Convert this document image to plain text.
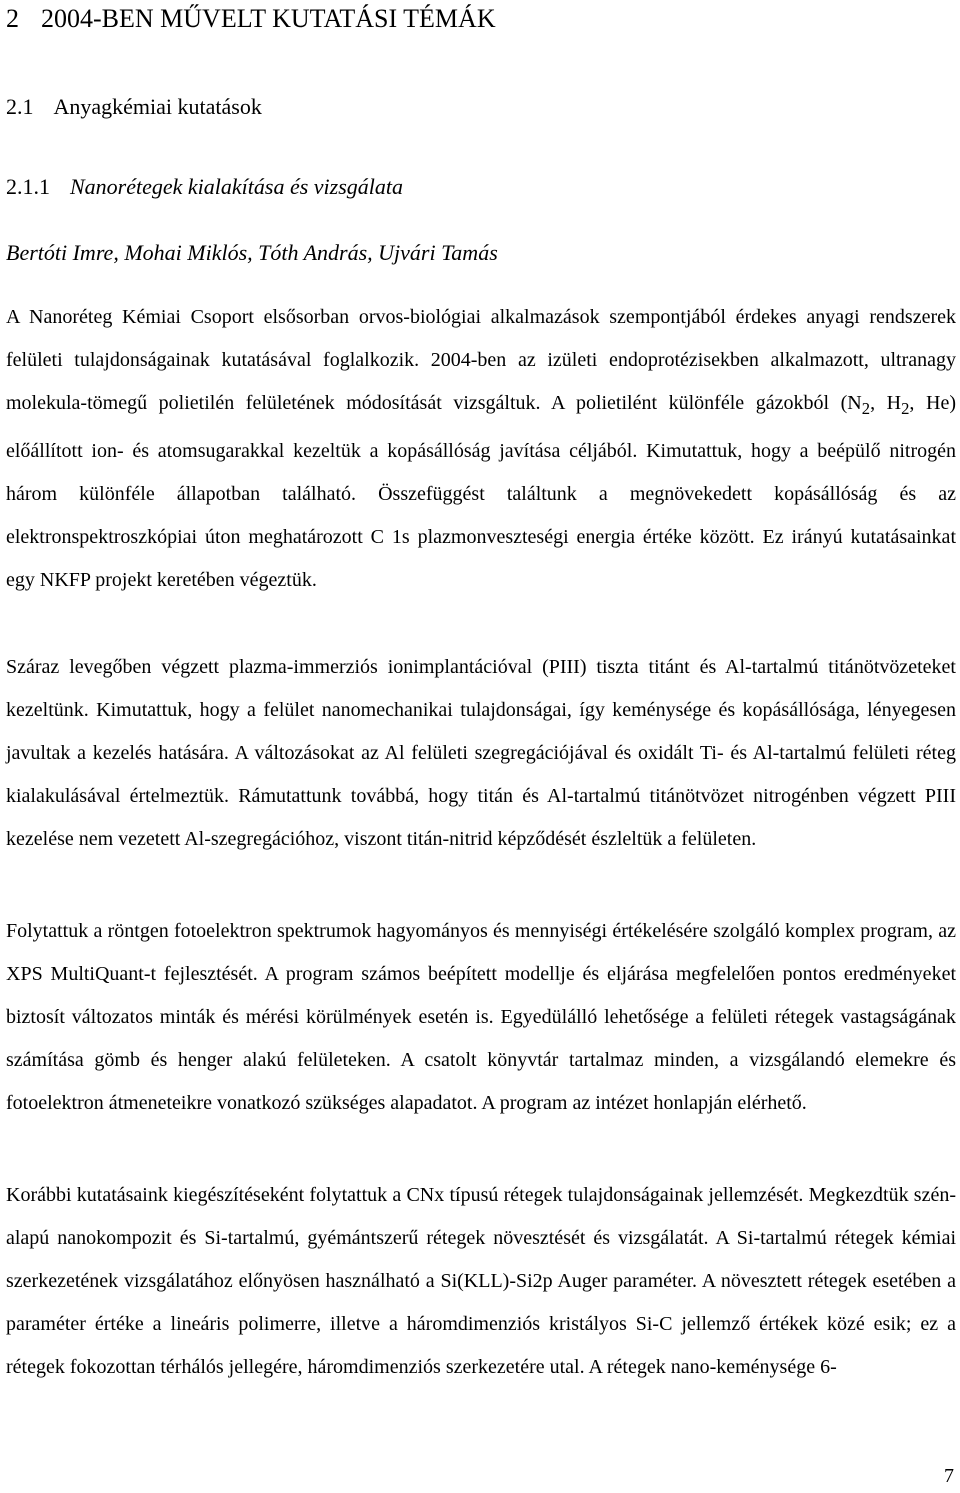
2 2004-BEN MŰVELT KUTATÁSI TÉMÁK
2.1 Anyagkémiai kutatások
2.1.1 Nanorétegek kialakítása és vizsgálata
Bertóti Imre, Mohai Miklós, Tóth András, Ujvári Tamás

A Nanoréteg Kémiai Csoport elsősorban orvos-biológiai alkalmazások szempontjából érdekes anyagi rendszerek felületi tulajdonságainak kutatásával foglalkozik. 2004-ben az izületi endoprotézisekben alkalmazott, ultranagy molekula-tömegű polietilén felületének módosítását vizsgáltuk. A polietilént különféle gázokból ($N_2$, $H_2$, He) előállított ion- és atomsugarakkal kezeltük a kopásállóság javítása céljából. Kimutattuk, hogy a beépülő nitrogén három különféle állapotban található. Összefüggést találtunk a megnövekedett kopásállóság és az elektronspektroszkópiai úton meghatározott C 1s plazmonveszteségi energia értéke között. Ez irányú kutatásainkat egy NKFP projekt keretében végeztük.

Száraz levegőben végzett plazma-immerziós ionimplantációval (PIII) tiszta titánt és Al-tartalmú titánötvözeteket kezeltünk. Kimutattuk, hogy a felület nanomechanikai tulajdonságai, így keménysége és kopásállósága, lényegesen javultak a kezelés hatására. A változásokat az Al felületi szegregációjával és oxidált Ti- és Al-tartalmú felületi réteg kialakulásával értelmeztük. Rámutattunk továbbá, hogy titán és Al-tartalmú titánötvözet nitrogénben végzett PIII kezelése nem vezetett Al-szegregációhoz, viszont titán-nitrid képződését észleltük a felületen.

Folytattuk a röntgen fotoelektron spektrumok hagyományos és mennyiségi értékelésére szolgáló komplex program, az XPS MultiQuant-t fejlesztését. A program számos beépített modellje és eljárása megfelelően pontos eredményeket biztosít változatos minták és mérési körülmények esetén is. Egyedülálló lehetősége a felületi rétegek vastagságának számítása gömb és henger alakú felületeken. A csatolt könyvtár tartalmaz minden, a vizsgálandó elemekre és fotoelektron átmeneteikre vonatkozó szükséges alapadatot. A program az intézet honlapján elérhető.

Korábbi kutatásaink kiegészítéseként folytattuk a CNx típusú rétegek tulajdonságainak jellemzését. Megkezdtük szén-alapú nanokompozit és Si-tartalmú, gyémántszerű rétegek növesztését és vizsgálatát. A Si-tartalmú rétegek kémiai szerkezetének vizsgálatához előnyösen használható a Si(KLL)-Si2p Auger paraméter. A növesztett rétegek esetében a paraméter értéke a lineáris polimerre, illetve a háromdimenziós kristályos Si-C jellemző értékek közé esik; ez a rétegek fokozottan térhálós jellegére, háromdimenziós szerkezetére utal. A rétegek nano-keménysége 6-

7
